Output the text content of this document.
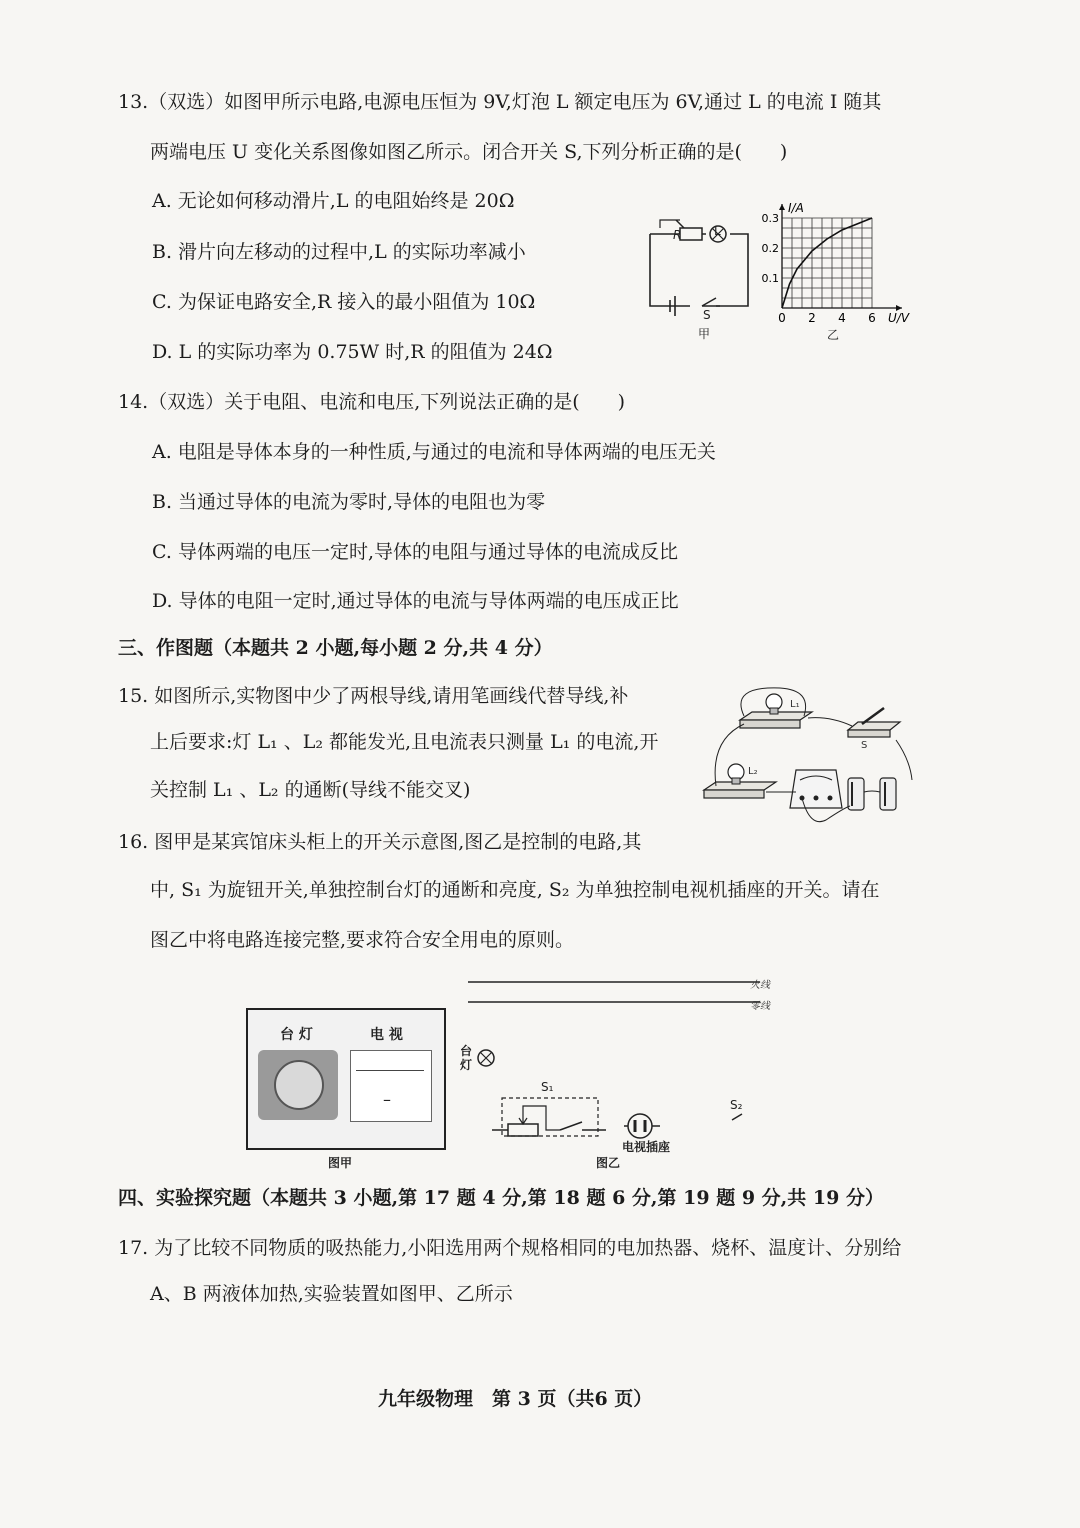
13.（双选）如图甲所示电路,电源电压恒为 9V,灯泡 L 额定电压为 6V,通过 L 的电流 I 随其
两端电压 U 变化关系图像如图乙所示。闭合开关 S,下列分析正确的是(　　)
A. 无论如何移动滑片,L 的电阻始终是 20Ω
B. 滑片向左移动的过程中,L 的实际功率减小
C. 为保证电路安全,R 接入的最小阻值为 10Ω
D. L 的实际功率为 0.75W 时,R 的阻值为 24Ω
R	L
S
甲
0 2 4 6
0.1
0.2
0.3
U/V
I/A
乙
14.（双选）关于电阻、电流和电压,下列说法正确的是(　　)
A. 电阻是导体本身的一种性质,与通过的电流和导体两端的电压无关
B. 当通过导体的电流为零时,导体的电阻也为零
C. 导体两端的电压一定时,导体的电阻与通过导体的电流成反比
D. 导体的电阻一定时,通过导体的电流与导体两端的电压成正比
三、作图题（本题共 2 小题,每小题 2 分,共 4 分）
15. 如图所示,实物图中少了两根导线,请用笔画线代替导线,补
上后要求:灯 L₁ 、L₂ 都能发光,且电流表只测量 L₁ 的电流,开
关控制 L₁ 、L₂ 的通断(导线不能交叉)
L₁
S
L₂
16. 图甲是某宾馆床头柜上的开关示意图,图乙是控制的电路,其
中, S₁ 为旋钮开关,单独控制台灯的通断和亮度, S₂ 为单独控制电视机插座的开关。请在
图乙中将电路连接完整,要求符合安全用电的原则。
台 灯	电 视
–
图甲
火线
零线
台灯
S₁
S₂
电视插座
图乙
四、实验探究题（本题共 3 小题,第 17 题 4 分,第 18 题 6 分,第 19 题 9 分,共 19 分）
17. 为了比较不同物质的吸热能力,小阳选用两个规格相同的电加热器、烧杯、温度计、分别给
A、B 两液体加热,实验装置如图甲、乙所示
九年级物理　第 3 页（共6 页）
